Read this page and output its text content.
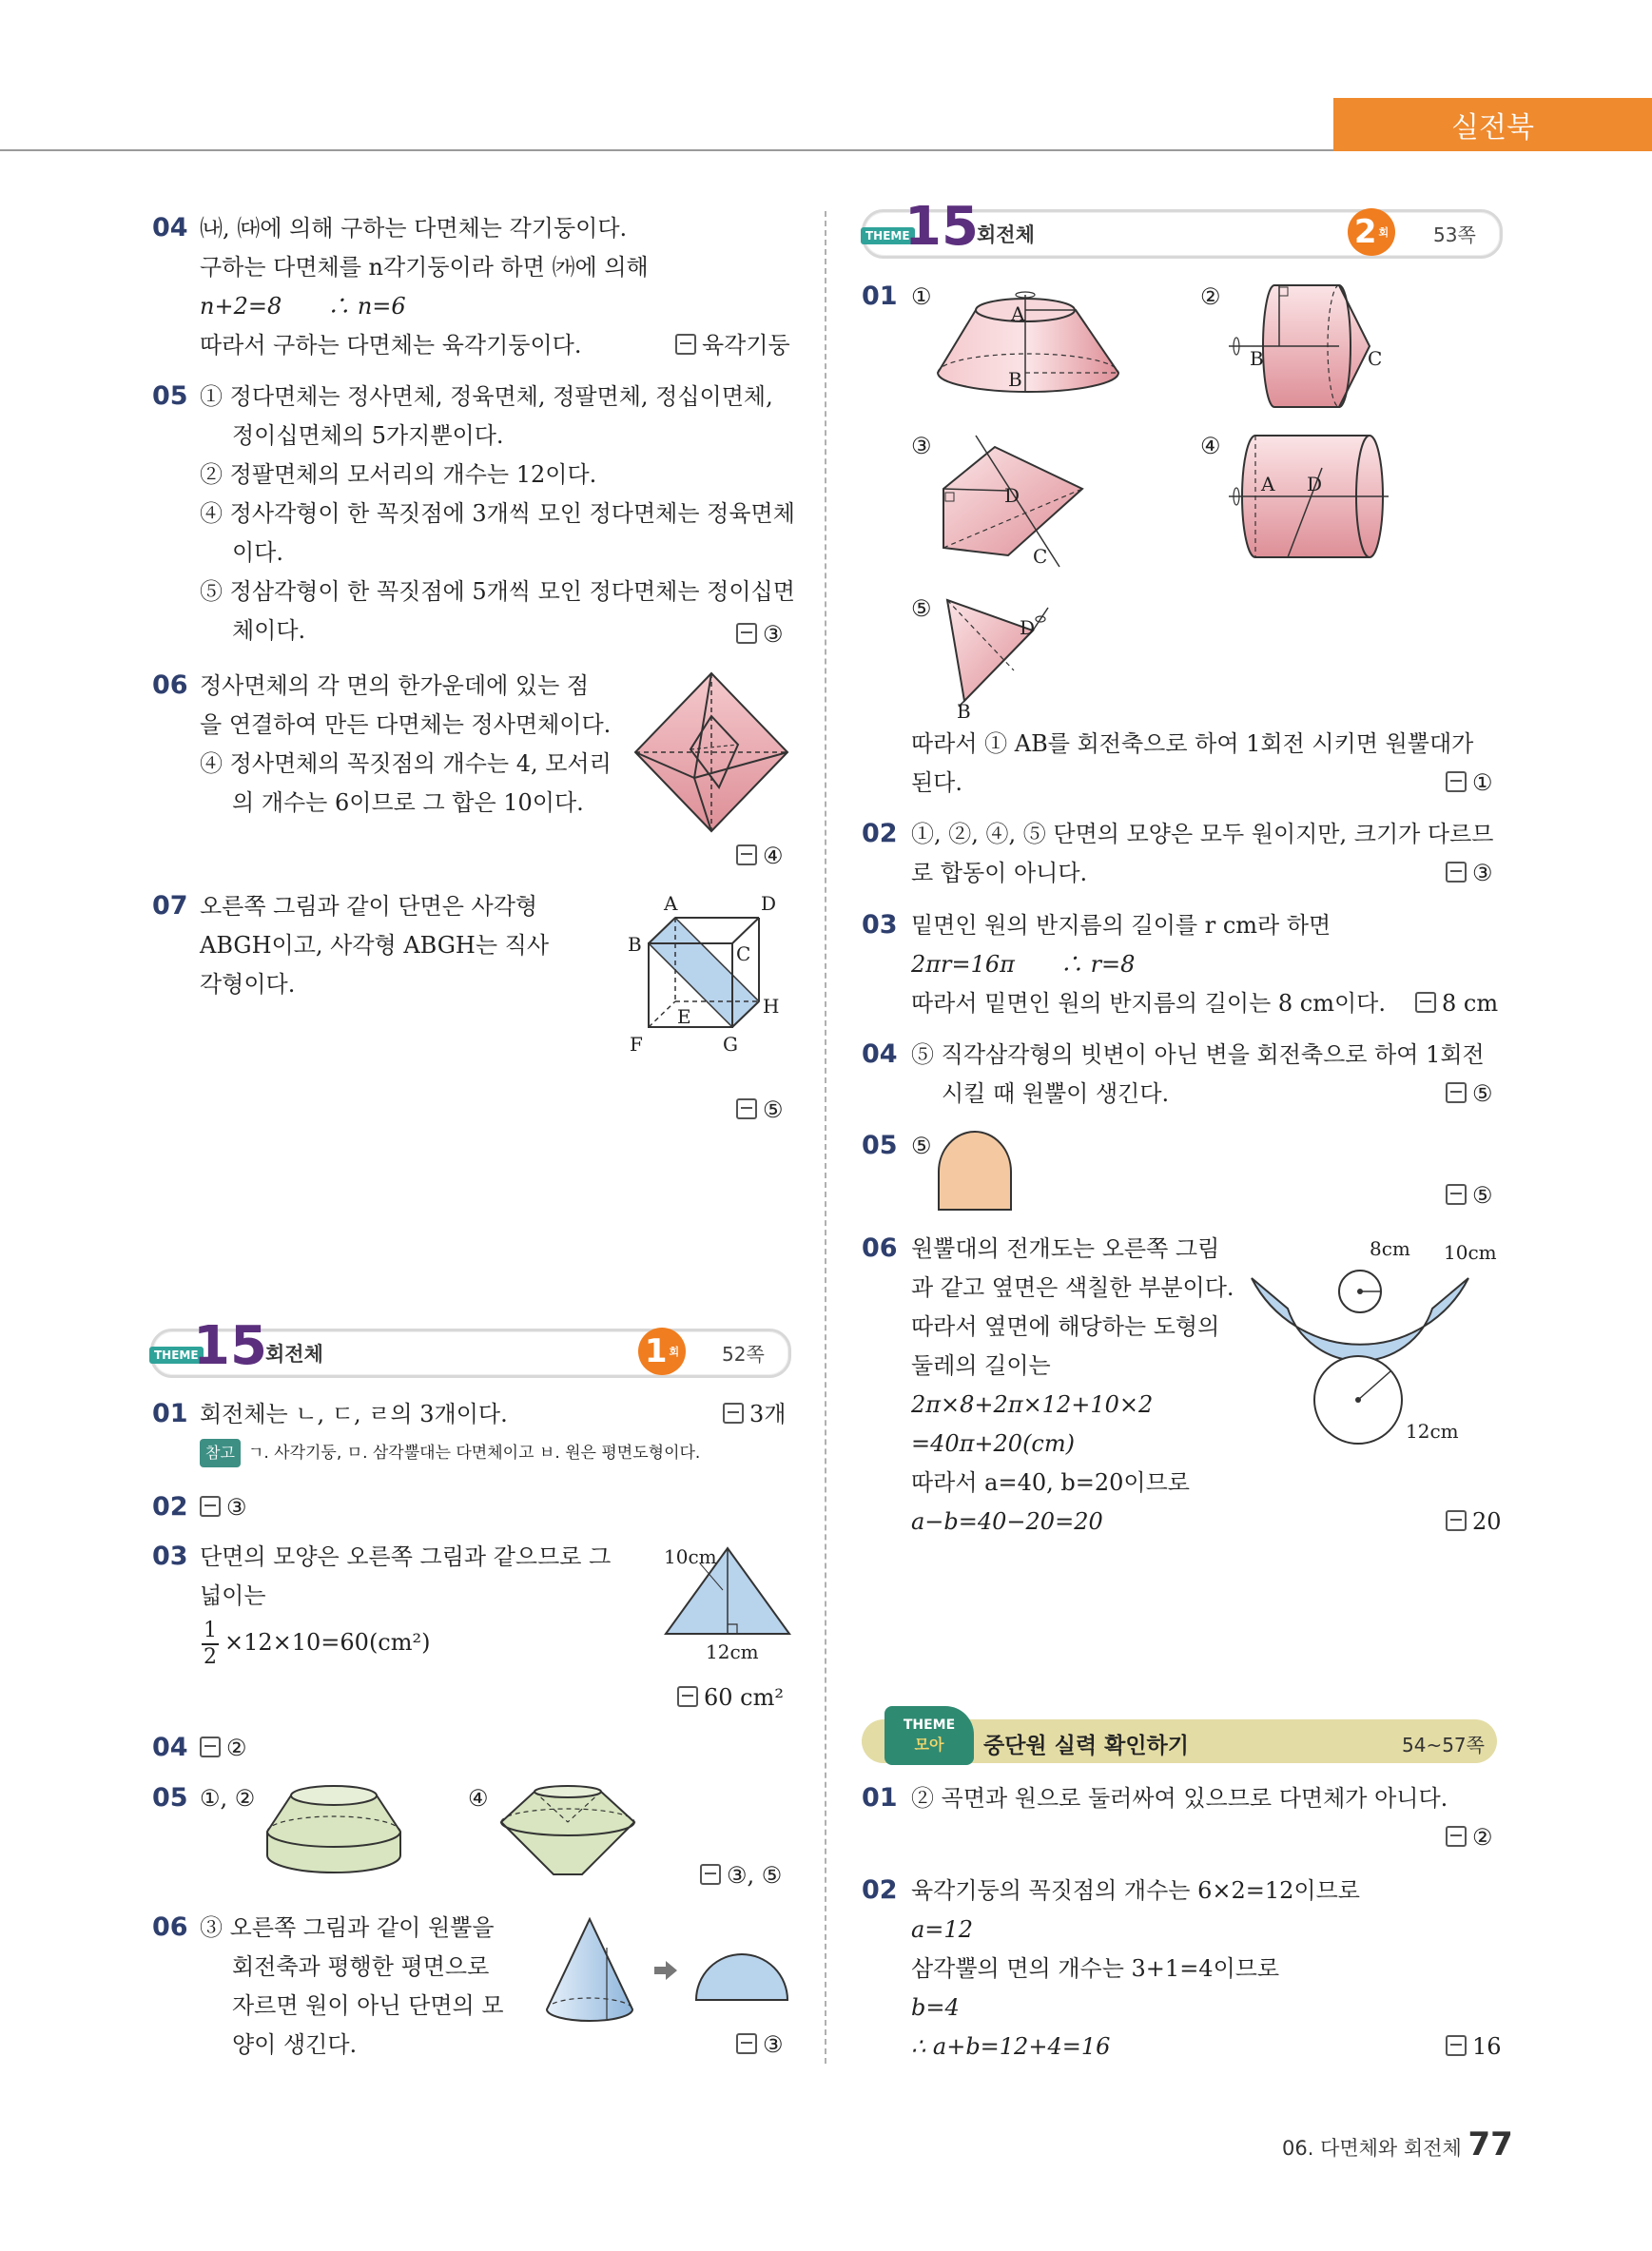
실전북
04 ㈏, ㈐에 의해 구하는 다면체는 각기둥이다.
구하는 다면체를 n각기둥이라 하면 ㈎에 의해
n+2=8　　∴ n=6
따라서 구하는 다면체는 육각기둥이다.	육각기둥
05 ① 정다면체는 정사면체, 정육면체, 정팔면체, 정십이면체,
정이십면체의 5가지뿐이다.
② 정팔면체의 모서리의 개수는 12이다.
④ 정사각형이 한 꼭짓점에 3개씩 모인 정다면체는 정육면체
이다.
⑤ 정삼각형이 한 꼭짓점에 5개씩 모인 정다면체는 정이십면
체이다.	③
06 정사면체의 각 면의 한가운데에 있는 점
을 연결하여 만든 다면체는 정사면체이다.
④ 정사면체의 꼭짓점의 개수는 4, 모서리
의 개수는 6이므로 그 합은 10이다.
④
07 오른쪽 그림과 같이 단면은 사각형
ABGH이고, 사각형 ABGH는 직사
각형이다.
A	D
B	C
E	H
F	G
⑤
THEME
15
회전체	1 회 52쪽
01 회전체는 ㄴ, ㄷ, ㄹ의 3개이다.	3개
참고 ㄱ. 사각기둥, ㅁ. 삼각뿔대는 다면체이고 ㅂ. 원은 평면도형이다.
02	③
03 단면의 모양은 오른쪽 그림과 같으므로 그
넓이는
$\frac{1}{2} \times 12\times 10=60(cm^2)$
10cm
12cm
60 cm²
04	②
05 ①, ②	④
③, ⑤
06 ③ 오른쪽 그림과 같이 원뿔을
회전축과 평행한 평면으로
자르면 원이 아닌 단면의 모
양이 생긴다.	③
THEME
15
회전체	2 회 53쪽
01 ①
A
B
②
B	C
③
D
C
④
A D
⑤
D
B
따라서 ① AB를 회전축으로 하여 1회전 시키면 원뿔대가
된다.	①
02 ①, ②, ④, ⑤ 단면의 모양은 모두 원이지만, 크기가 다르므
로 합동이 아니다.	③
03 밑면인 원의 반지름의 길이를 r cm라 하면
2πr=16π　　∴ r=8
따라서 밑면인 원의 반지름의 길이는 8 cm이다.	8 cm
04 ⑤ 직각삼각형의 빗변이 아닌 변을 회전축으로 하여 1회전
시킬 때 원뿔이 생긴다.	⑤
05 ⑤
⑤
06 원뿔대의 전개도는 오른쪽 그림
과 같고 옆면은 색칠한 부분이다.
따라서 옆면에 해당하는 도형의
둘레의 길이는
2π×8+2π×12+10×2
=40π+20(cm)
따라서 a=40, b=20이므로
a−b=40−20=20
8cm 10cm
12cm
20
THEME
모아	중단원 실력 확인하기	54~57쪽
01 ② 곡면과 원으로 둘러싸여 있으므로 다면체가 아니다.
②
02 육각기둥의 꼭짓점의 개수는 6×2=12이므로
a=12
삼각뿔의 면의 개수는 3+1=4이므로
b=4
∴ a+b=12+4=16	16
06. 다면체와 회전체 77
